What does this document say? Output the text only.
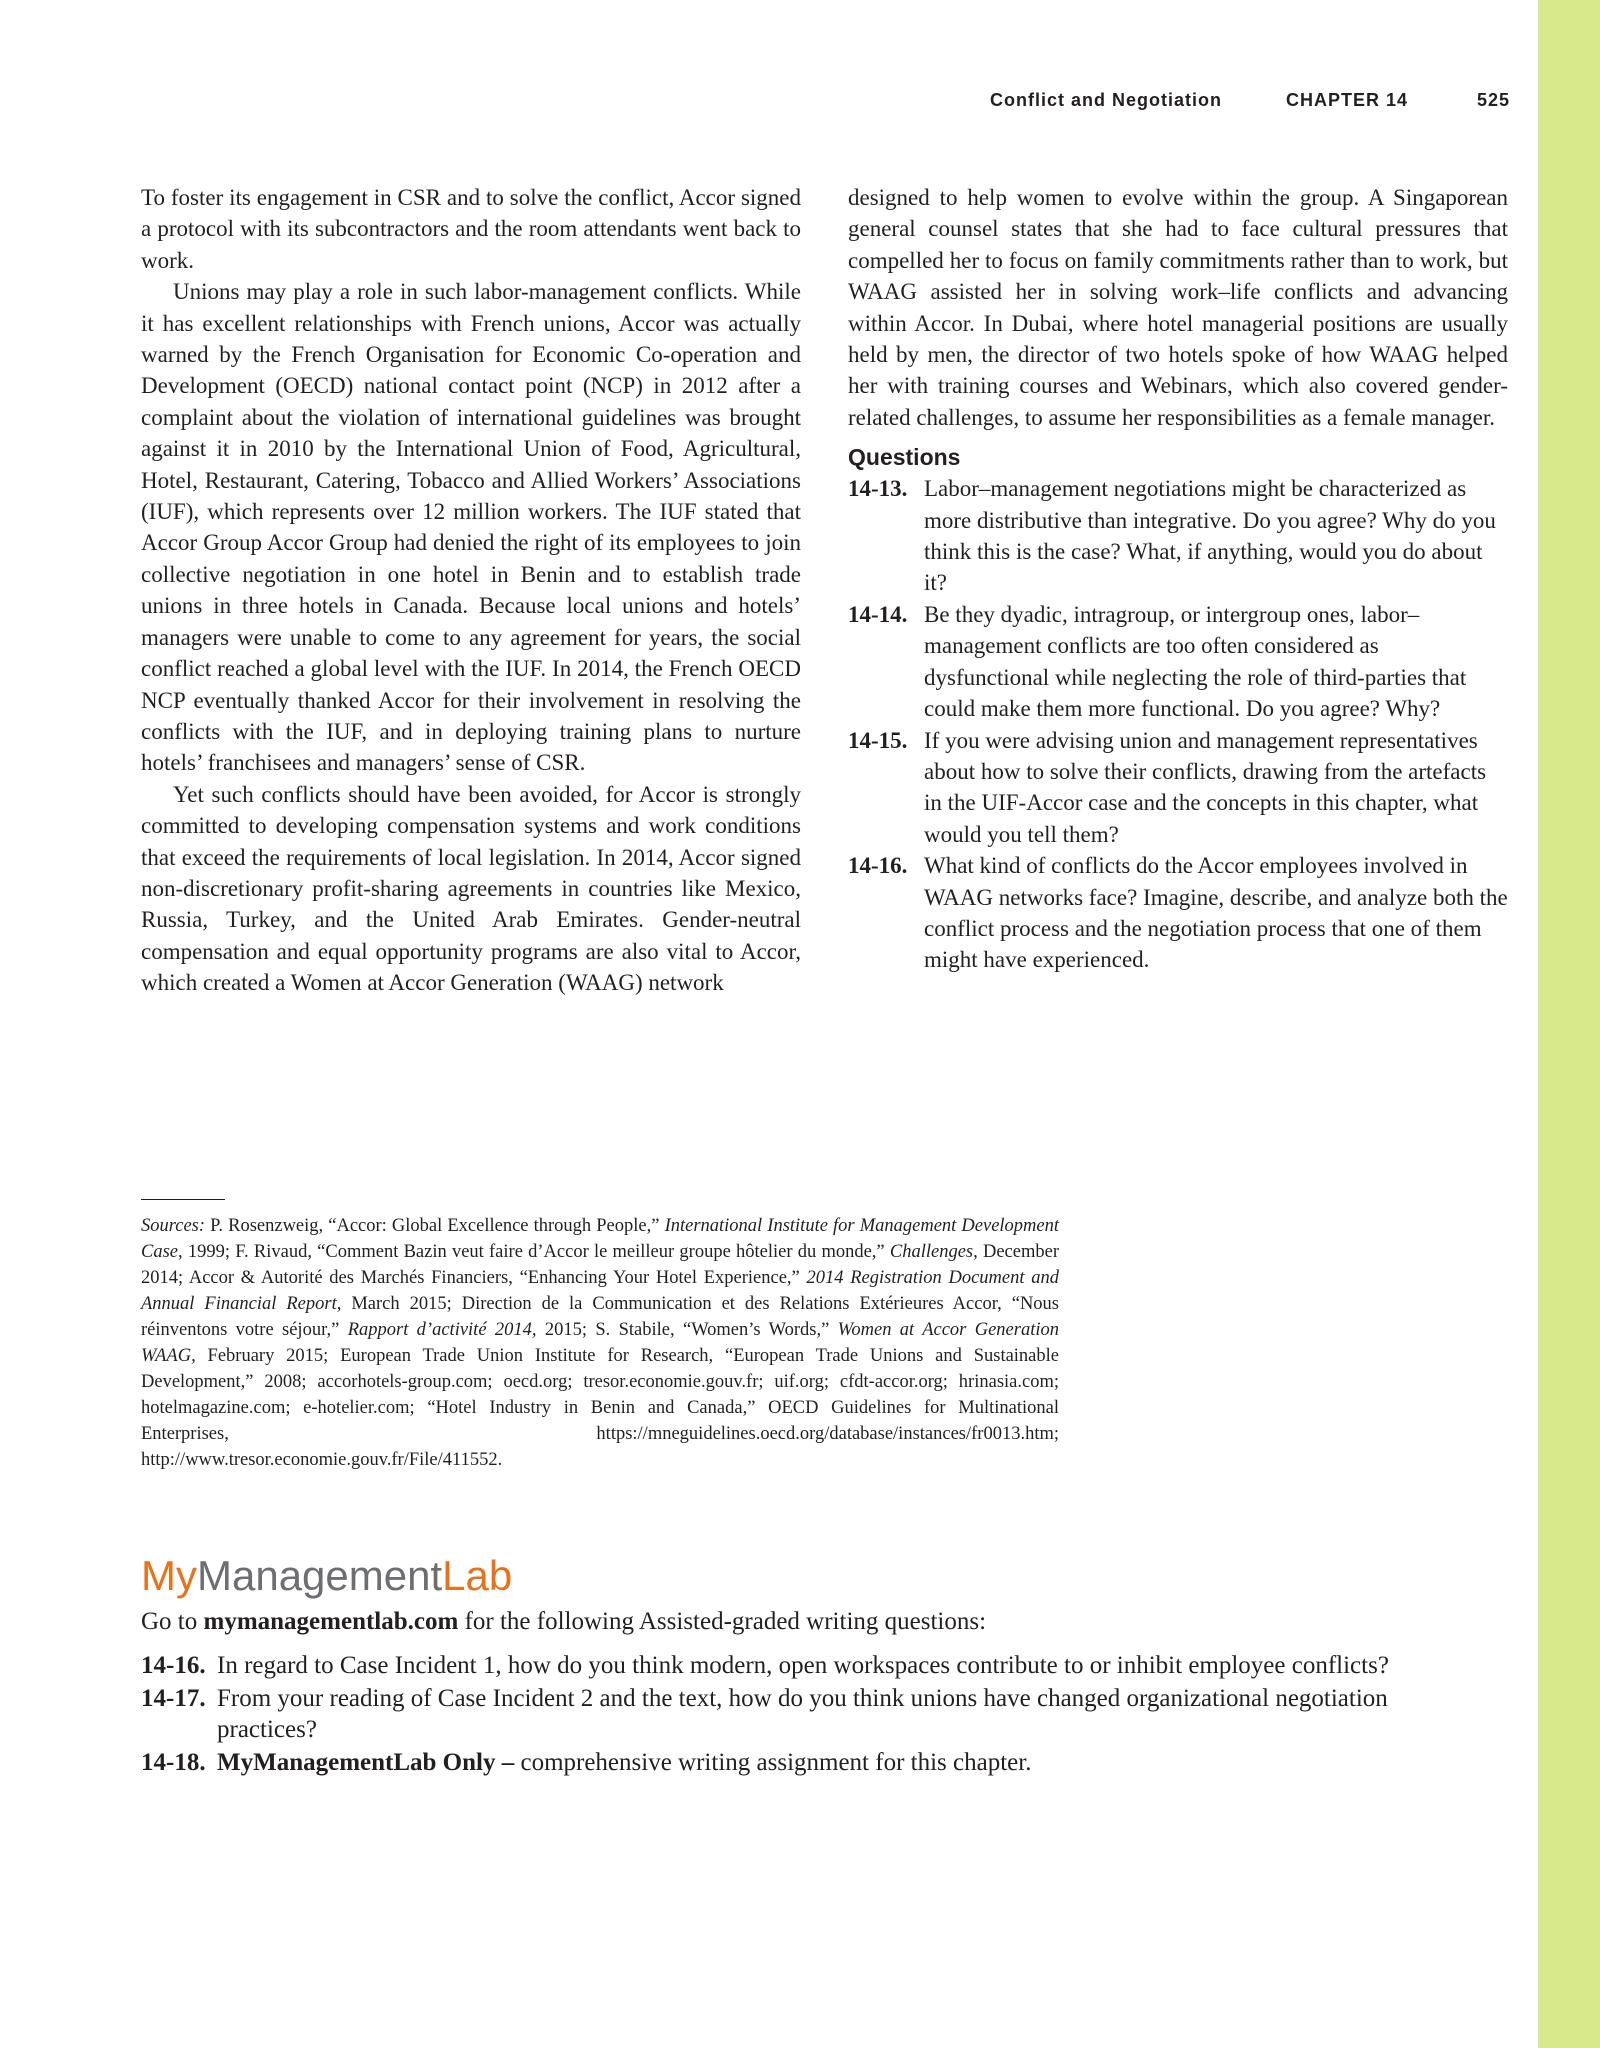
Conflict and Negotiation	CHAPTER 14	525

To foster its engagement in CSR and to solve the conflict, Accor signed a protocol with its subcontractors and the room attendants went back to work.

Unions may play a role in such labor-management conflicts. While it has excellent relationships with French unions, Accor was actually warned by the French Organisation for Economic Co-operation and Development (OECD) national contact point (NCP) in 2012 after a complaint about the violation of international guidelines was brought against it in 2010 by the International Union of Food, Agricultural, Hotel, Restaurant, Catering, Tobacco and Allied Workers’ Associations (IUF), which represents over 12 million workers. The IUF stated that Accor Group Accor Group had denied the right of its employees to join collective negotiation in one hotel in Benin and to establish trade unions in three hotels in Canada. Because local unions and hotels’ managers were unable to come to any agreement for years, the social conflict reached a global level with the IUF. In 2014, the French OECD NCP eventually thanked Accor for their involvement in resolving the conflicts with the IUF, and in deploying training plans to nurture hotels’ franchisees and managers’ sense of CSR.

Yet such conflicts should have been avoided, for Accor is strongly committed to developing compensation systems and work conditions that exceed the requirements of local legislation. In 2014, Accor signed non-discretionary profit-sharing agreements in countries like Mexico, Russia, Turkey, and the United Arab Emirates. Gender-neutral compensation and equal opportunity programs are also vital to Accor, which created a Women at Accor Generation (WAAG) network

designed to help women to evolve within the group. A Singaporean general counsel states that she had to face cultural pressures that compelled her to focus on family commitments rather than to work, but WAAG assisted her in solving work–life conflicts and advancing within Accor. In Dubai, where hotel managerial positions are usually held by men, the director of two hotels spoke of how WAAG helped her with training courses and Webinars, which also covered gender-related challenges, to assume her responsibilities as a female manager.

Questions
14-13. Labor–management negotiations might be characterized as more distributive than integrative. Do you agree? Why do you think this is the case? What, if anything, would you do about it?
14-14. Be they dyadic, intragroup, or intergroup ones, labor–management conflicts are too often considered as dysfunctional while neglecting the role of third-parties that could make them more functional. Do you agree? Why?
14-15. If you were advising union and management representatives about how to solve their conflicts, drawing from the artefacts in the UIF-Accor case and the concepts in this chapter, what would you tell them?
14-16. What kind of conflicts do the Accor employees involved in WAAG networks face? Imagine, describe, and analyze both the conflict process and the negotiation process that one of them might have experienced.
Sources: P. Rosenzweig, “Accor: Global Excellence through People,” International Institute for Management Development Case, 1999; F. Rivaud, “Comment Bazin veut faire d’Accor le meilleur groupe hôtelier du monde,” Challenges, December 2014; Accor & Autorité des Marchés Financiers, “Enhancing Your Hotel Experience,” 2014 Registration Document and Annual Financial Report, March 2015; Direction de la Communication et des Relations Extérieures Accor, “Nous réinventons votre séjour,” Rapport d’activité 2014, 2015; S. Stabile, “Women’s Words,” Women at Accor Generation WAAG, February 2015; European Trade Union Institute for Research, “European Trade Unions and Sustainable Development,” 2008; accorhotels-group.com; oecd.org; tresor.economie.gouv.fr; uif.org; cfdt-accor.org; hrinasia.com; hotelmagazine.com; e-hotelier.com; “Hotel Industry in Benin and Canada,” OECD Guidelines for Multinational Enterprises, https://mneguidelines.oecd.org/database/instances/fr0013.htm; http://www.tresor.economie.gouv.fr/File/411552.
MyManagementLab
Go to mymanagementlab.com for the following Assisted-graded writing questions:
14-16. In regard to Case Incident 1, how do you think modern, open workspaces contribute to or inhibit employee conflicts?
14-17. From your reading of Case Incident 2 and the text, how do you think unions have changed organizational negotiation practices?
14-18. MyManagementLab Only – comprehensive writing assignment for this chapter.
